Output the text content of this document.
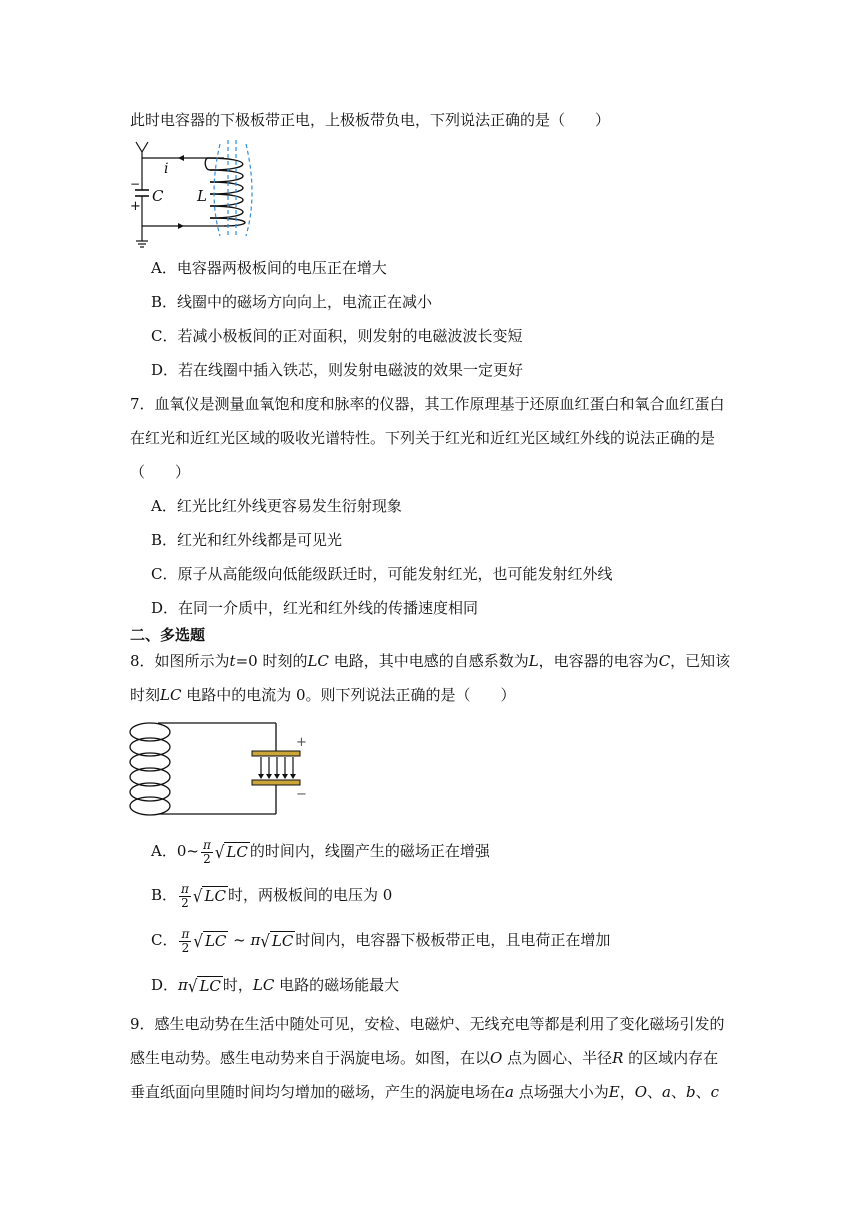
此时电容器的下极板带正电，上极板带负电，下列说法正确的是（　　）
i
C L
−
+
A．电容器两极板间的电压正在增大
B．线圈中的磁场方向向上，电流正在减小
C．若减小极板间的正对面积，则发射的电磁波波长变短
D．若在线圈中插入铁芯，则发射电磁波的效果一定更好
7．血氧仪是测量血氧饱和度和脉率的仪器，其工作原理基于还原血红蛋白和氧合血红蛋白
在红光和近红光区域的吸收光谱特性。下列关于红光和近红光区域红外线的说法正确的是
（　　）
A．红光比红外线更容易发生衍射现象
B．红光和红外线都是可见光
C．原子从高能级向低能级跃迁时，可能发射红光，也可能发射红外线
D．在同一介质中，红光和红外线的传播速度相同
二、多选题
8．如图所示为t=0 时刻的LC 电路，其中电感的自感系数为L，电容器的电容为C，已知该
时刻LC 电路中的电流为 0。则下列说法正确的是（　　）
+
−
A．0~ $\frac{\pi}{2}$ √ LC 的时间内，线圈产生的磁场正在增强
B． $\frac{\pi}{2}$ √ LC 时，两极板间的电压为 0
C． $\frac{\pi}{2}$ √ LC ~ π√ LC 时间内，电容器下极板带正电，且电荷正在增加
D．π√ LC 时，LC 电路的磁场能最大
9．感生电动势在生活中随处可见，安检、电磁炉、无线充电等都是利用了变化磁场引发的
感生电动势。感生电动势来自于涡旋电场。如图，在以O 点为圆心、半径R 的区域内存在
垂直纸面向里随时间均匀增加的磁场，产生的涡旋电场在a 点场强大小为E，O、a、b、c
